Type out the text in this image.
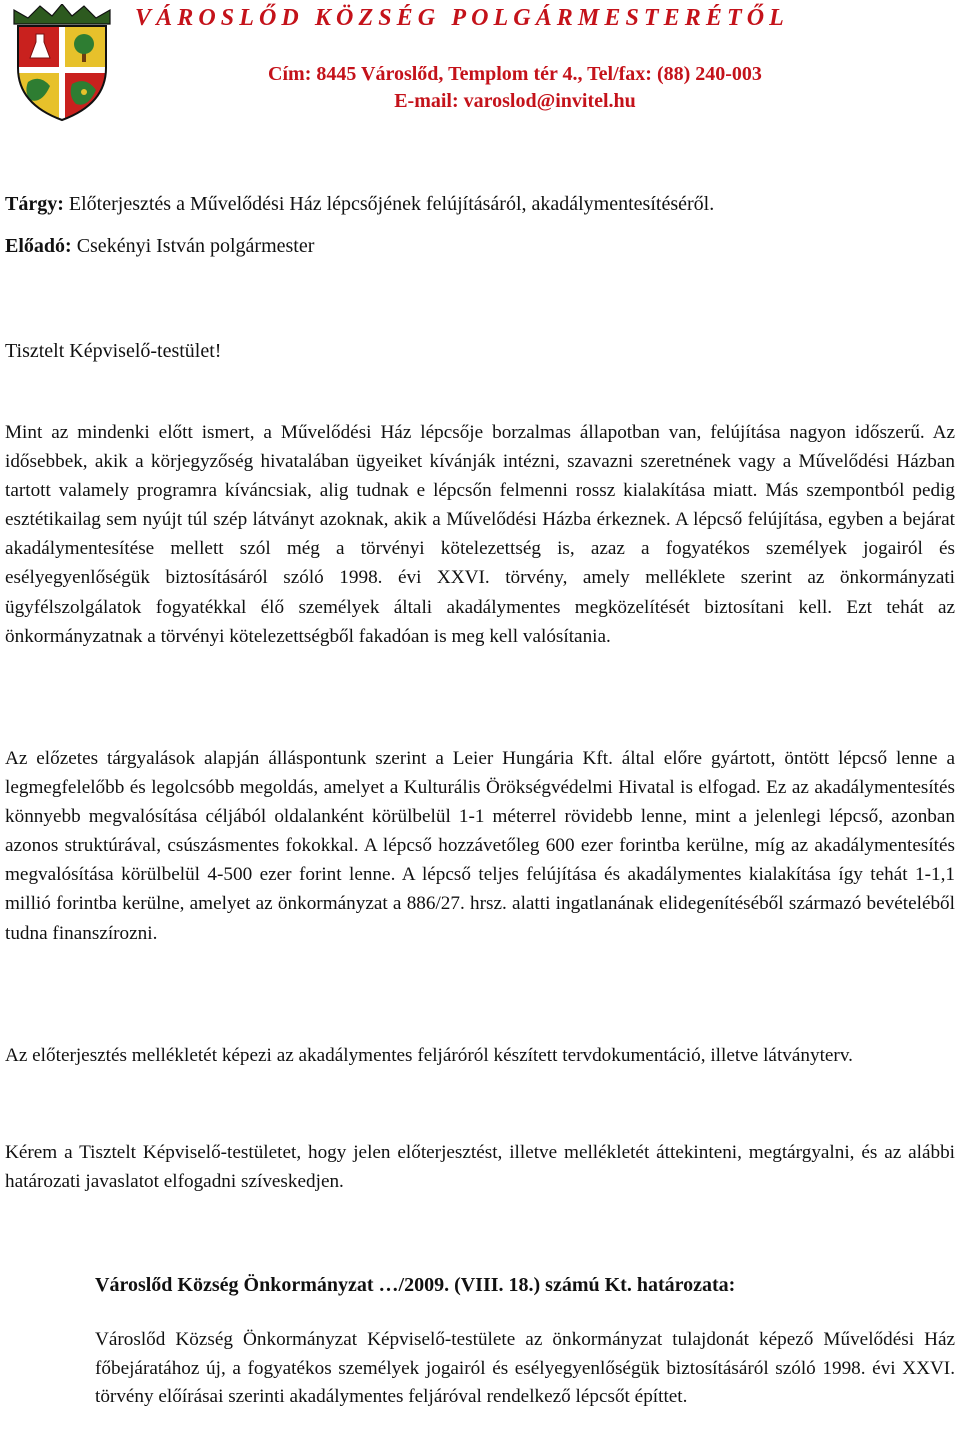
VÁROSLŐD KÖZSÉG POLGÁRMESTERÉTŐL
Cím: 8445 Városlőd, Templom tér 4., Tel/fax: (88) 240-003
E-mail: varoslod@invitel.hu
Tárgy: Előterjesztés a Művelődési Ház lépcsőjének felújításáról, akadálymentesítéséről.
Előadó: Csekényi István polgármester
Tisztelt Képviselő-testület!

Mint az mindenki előtt ismert, a Művelődési Ház lépcsője borzalmas állapotban van, felújítása nagyon időszerű. Az idősebbek, akik a körjegyzőség hivatalában ügyeiket kívánják intézni, szavazni szeretnének vagy a Művelődési Házban tartott valamely programra kíváncsiak, alig tudnak e lépcsőn felmenni rossz kialakítása miatt. Más szempontból pedig esztétikailag sem nyújt túl szép látványt azoknak, akik a Művelődési Házba érkeznek. A lépcső felújítása, egyben a bejárat akadálymentesítése mellett szól még a törvényi kötelezettség is, azaz a fogyatékos személyek jogairól és esélyegyenlőségük biztosításáról szóló 1998. évi XXVI. törvény, amely melléklete szerint az önkormányzati ügyfélszolgálatok fogyatékkal élő személyek általi akadálymentes megközelítését biztosítani kell. Ezt tehát az önkormányzatnak a törvényi kötelezettségből fakadóan is meg kell valósítania.

Az előzetes tárgyalások alapján álláspontunk szerint a Leier Hungária Kft. által előre gyártott, öntött lépcső lenne a legmegfelelőbb és legolcsóbb megoldás, amelyet a Kulturális Örökségvédelmi Hivatal is elfogad. Ez az akadálymentesítés könnyebb megvalósítása céljából oldalanként körülbelül 1-1 méterrel rövidebb lenne, mint a jelenlegi lépcső, azonban azonos struktúrával, csúszásmentes fokokkal. A lépcső hozzávetőleg 600 ezer forintba kerülne, míg az akadálymentesítés megvalósítása körülbelül 4-500 ezer forint lenne. A lépcső teljes felújítása és akadálymentes kialakítása így tehát 1-1,1 millió forintba kerülne, amelyet az önkormányzat a 886/27. hrsz. alatti ingatlanának elidegenítéséből származó bevételéből tudna finanszírozni.

Az előterjesztés mellékletét képezi az akadálymentes feljáróról készített tervdokumentáció, illetve látványterv.

Kérem a Tisztelt Képviselő-testületet, hogy jelen előterjesztést, illetve mellékletét áttekinteni, megtárgyalni, és az alábbi határozati javaslatot elfogadni szíveskedjen.

Városlőd Község Önkormányzat …/2009. (VIII. 18.) számú Kt. határozata:

Városlőd Község Önkormányzat Képviselő-testülete az önkormányzat tulajdonát képező Művelődési Ház főbejáratához új, a fogyatékos személyek jogairól és esélyegyenlőségük biztosításáról szóló 1998. évi XXVI. törvény előírásai szerinti akadálymentes feljáróval rendelkező lépcsőt építtet.
